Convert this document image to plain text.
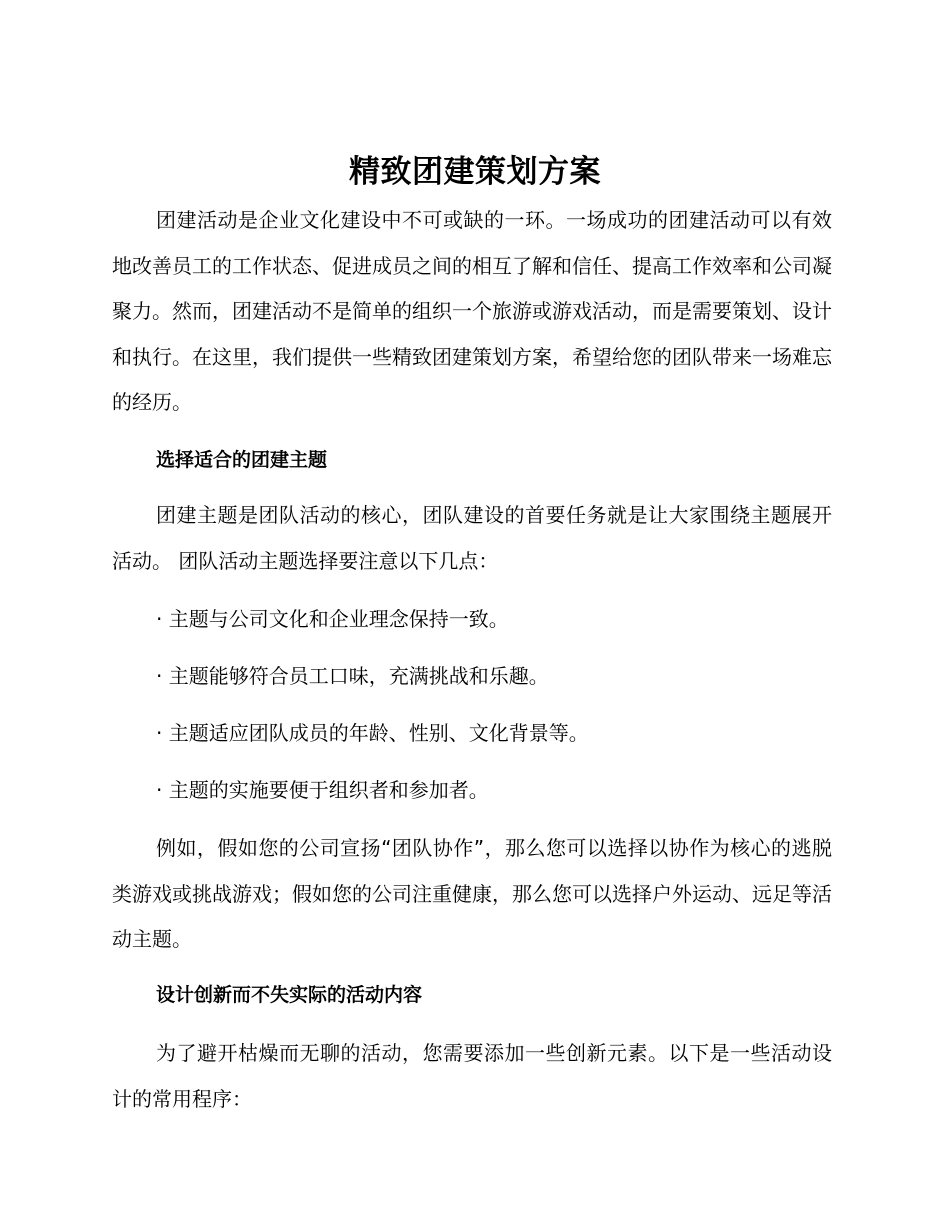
精致团建策划方案

团建活动是企业文化建设中不可或缺的一环。一场成功的团建活动可以有效地改善员工的工作状态、促进成员之间的相互了解和信任、提高工作效率和公司凝聚力。然而，团建活动不是简单的组织一个旅游或游戏活动，而是需要策划、设计和执行。在这里，我们提供一些精致团建策划方案，希望给您的团队带来一场难忘的经历。

选择适合的团建主题

团建主题是团队活动的核心，团队建设的首要任务就是让大家围绕主题展开活动。 团队活动主题选择要注意以下几点：

· 主题与公司文化和企业理念保持一致。

· 主题能够符合员工口味，充满挑战和乐趣。

· 主题适应团队成员的年龄、性别、文化背景等。

· 主题的实施要便于组织者和参加者。

例如，假如您的公司宣扬“团队协作”，那么您可以选择以协作为核心的逃脱类游戏或挑战游戏；假如您的公司注重健康，那么您可以选择户外运动、远足等活动主题。

设计创新而不失实际的活动内容

为了避开枯燥而无聊的活动，您需要添加一些创新元素。以下是一些活动设计的常用程序：
